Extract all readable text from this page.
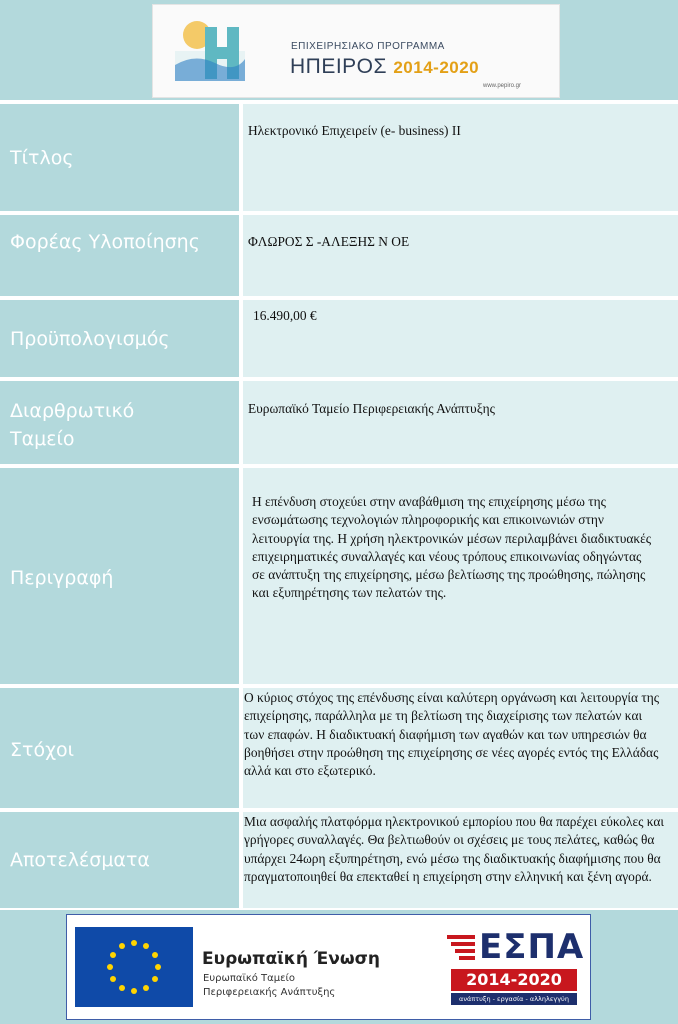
ΕΠΙΧΕΙΡΗΣΙΑΚΟ ΠΡΟΓΡΑΜΜΑ
ΗΠΕΙΡΟΣ 2014-2020
www.pepiro.gr
Τίτλος
Ηλεκτρονικό Επιχειρείν (e- business) ΙΙ
Φορέας Υλοποίησης	ΦΛΩΡΟΣ Σ -ΑΛΕΞΗΣ Ν ΟΕ
Προϋπολογισμός
16.490,00 €
Διαρθρωτικό Ταμείο
Ευρωπαϊκό Ταμείο Περιφερειακής Ανάπτυξης
Περιγραφή
Η επένδυση στοχεύει στην αναβάθμιση της επιχείρησης μέσω της ενσωμάτωσης τεχνολογιών πληροφορικής και επικοινωνιών στην λειτουργία της. Η χρήση ηλεκτρονικών μέσων περιλαμβάνει διαδικτυακές επιχειρηματικές συναλλαγές και νέους τρόπους επικοινωνίας οδηγώντας σε ανάπτυξη της επιχείρησης, μέσω βελτίωσης της προώθησης, πώλησης και εξυπηρέτησης των πελατών της.
Στόχοι
Ο κύριος στόχος της επένδυσης είναι καλύτερη οργάνωση και λειτουργία της επιχείρησης, παράλληλα με τη βελτίωση της διαχείρισης των πελατών και των επαφών. Η διαδικτυακή διαφήμιση των αγαθών και των υπηρεσιών θα βοηθήσει στην προώθηση της επιχείρησης σε νέες αγορές εντός της Ελλάδας αλλά και στο εξωτερικό.
Αποτελέσματα
Μια ασφαλής πλατφόρμα ηλεκτρονικού εμπορίου που θα παρέχει εύκολες και γρήγορες συναλλαγές. Θα βελτιωθούν οι σχέσεις με τους πελάτες, καθώς θα υπάρχει 24ωρη εξυπηρέτηση, ενώ μέσω της διαδικτυακής διαφήμισης που θα πραγματοποιηθεί θα επεκταθεί η επιχείρηση στην ελληνική και ξένη αγορά.
Ευρωπαϊκή Ένωση
Ευρωπαϊκό Ταμείο
Περιφερειακής Ανάπτυξης
ΕΣΠΑ
2014-2020
ανάπτυξη - εργασία - αλληλεγγύη
